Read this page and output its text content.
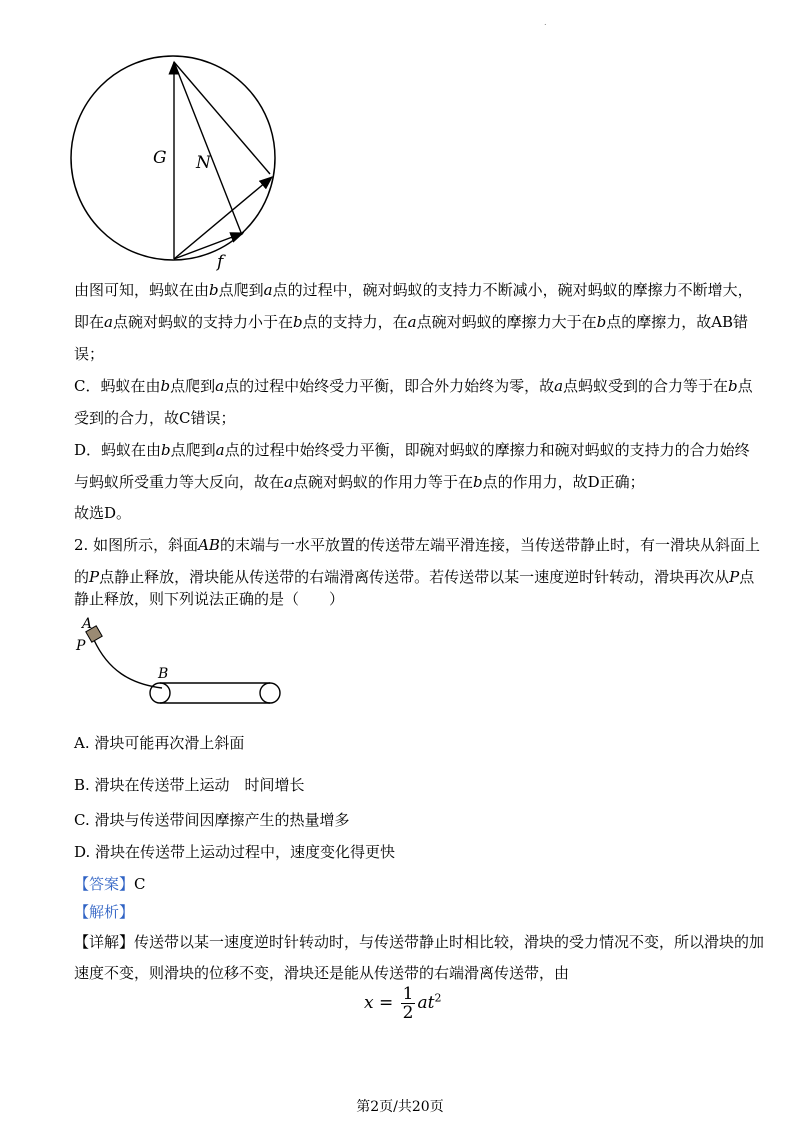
.
G N
f
由图可知，蚂蚁在由b点爬到a点的过程中，碗对蚂蚁的支持力不断减小，碗对蚂蚁的摩擦力不断增大，
即在a点碗对蚂蚁的支持力小于在b点的支持力，在a点碗对蚂蚁的摩擦力大于在b点的摩擦力，故AB错
误；
C．蚂蚁在由b点爬到a点的过程中始终受力平衡，即合外力始终为零，故a点蚂蚁受到的合力等于在b点
受到的合力，故C错误；
D．蚂蚁在由b点爬到a点的过程中始终受力平衡，即碗对蚂蚁的摩擦力和碗对蚂蚁的支持力的合力始终
与蚂蚁所受重力等大反向，故在a点碗对蚂蚁的作用力等于在b点的作用力，故D正确；
故选D。
2. 如图所示，斜面AB的末端与一水平放置的传送带左端平滑连接，当传送带静止时，有一滑块从斜面上
的P点静止释放，滑块能从传送带的右端滑离传送带。若传送带以某一速度逆时针转动，滑块再次从P点
静止释放，则下列说法正确的是（　　）
A
P
B
A. 滑块可能再次滑上斜面
B. 滑块在传送带上运动　时间增长
C. 滑块与传送带间因摩擦产生的热量增多
D. 滑块在传送带上运动过程中，速度变化得更快
【答案】C
【解析】
【详解】传送带以某一速度逆时针转动时，与传送带静止时相比较，滑块的受力情况不变，所以滑块的加
速度不变，则滑块的位移不变，滑块还是能从传送带的右端滑离传送带，由
$x = \frac{1}{2} at^2$
第2页/共20页
